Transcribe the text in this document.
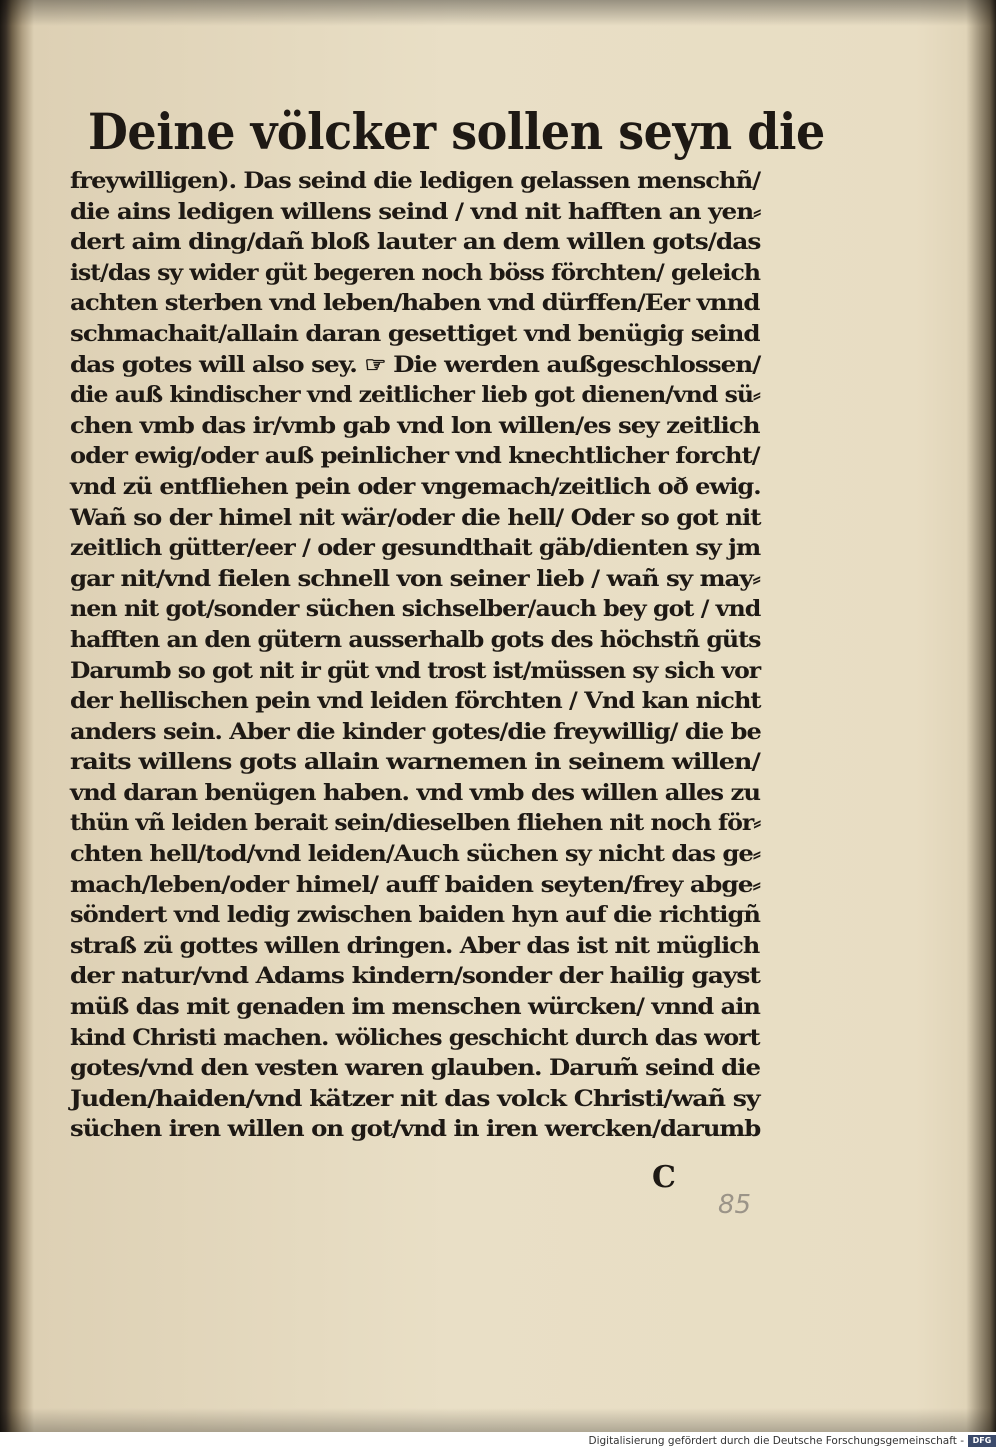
Deine völcker sollen seyn die
freywilligen). Das seind die ledigen gelassen menschñ/
die ains ledigen willens seind / vnd nit hafften an yen⸗
dert aim ding/dañ bloß lauter an dem willen gots/das
ist/das sy wider güt begeren noch böss förchten/ geleich
achten sterben vnd leben/haben vnd dürffen/Eer vnnd
schmachait/allain daran gesettiget vnd benügig seind
das gotes will also sey. ☞ Die werden außgeschlossen/
die auß kindischer vnd zeitlicher lieb got dienen/vnd sü⸗
chen vmb das ir/vmb gab vnd lon willen/es sey zeitlich
oder ewig/oder auß peinlicher vnd knechtlicher forcht/
vnd zü entfliehen pein oder vngemach/zeitlich oð ewig.
Wañ so der himel nit wär/oder die hell/ Oder so got nit
zeitlich gütter/eer / oder gesundthait gäb/dienten sy jm
gar nit/vnd fielen schnell von seiner lieb / wañ sy may⸗
nen nit got/sonder süchen sichselber/auch bey got / vnd
hafften an den gütern ausserhalb gots des höchstñ güts
Darumb so got nit ir güt vnd trost ist/müssen sy sich vor
der hellischen pein vnd leiden förchten / Vnd kan nicht
anders sein. Aber die kinder gotes/die freywillig/ die be
raits willens gots allain warnemen in seinem willen/
vnd daran benügen haben. vnd vmb des willen alles zu
thün vñ leiden berait sein/dieselben fliehen nit noch för⸗
chten hell/tod/vnd leiden/Auch süchen sy nicht das ge⸗
mach/leben/oder himel/ auff baiden seyten/frey abge⸗
söndert vnd ledig zwischen baiden hyn auf die richtigñ
straß zü gottes willen dringen. Aber das ist nit müglich
der natur/vnd Adams kindern/sonder der hailig gayst
müß das mit genaden im menschen würcken/ vnnd ain
kind Christi machen. wöliches geschicht durch das wort
gotes/vnd den vesten waren glauben. Darum̃ seind die
Juden/haiden/vnd kätzer nit das volck Christi/wañ sy
süchen iren willen on got/vnd in iren wercken/darumb
C
85
Digitalisierung gefördert durch die Deutsche Forschungsgemeinschaft -	DFG
